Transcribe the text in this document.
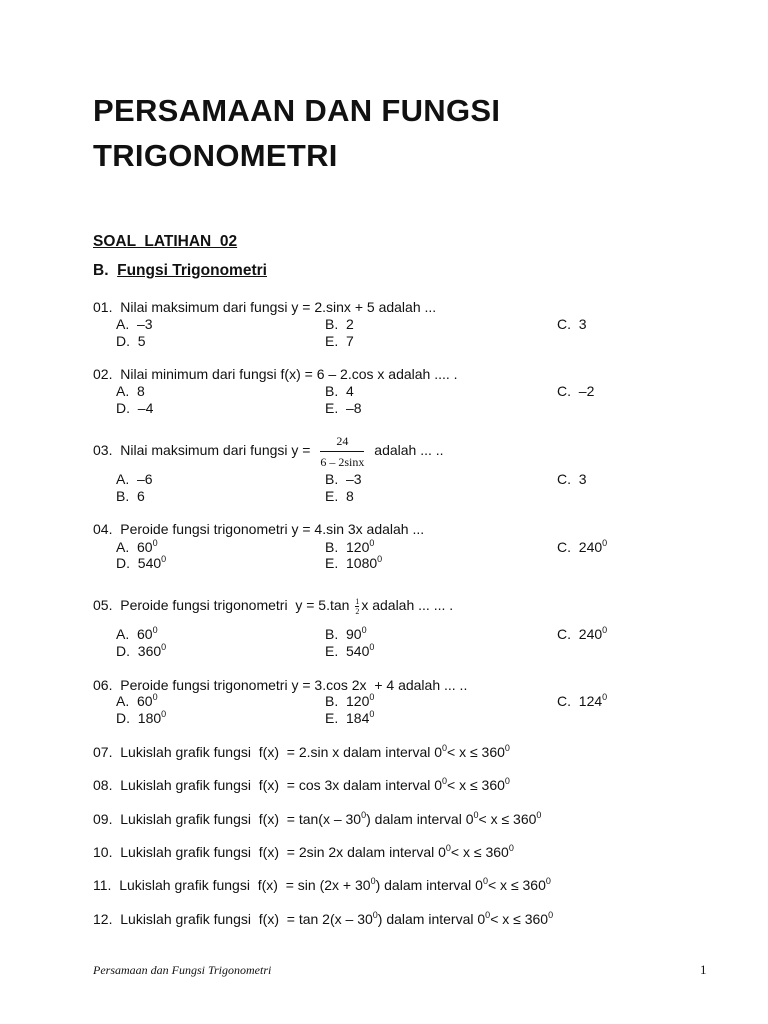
PERSAMAAN DAN FUNGSI
TRIGONOMETRI
SOAL  LATIHAN  02
B. Fungsi Trigonometri
01. Nilai maksimum dari fungsi y = 2.sinx + 5 adalah ...
A. –3	B. 2	C. 3
D. 5	E. 7
02. Nilai minimum dari fungsi f(x) = 6 – 2.cos x adalah .... .
A. 8	B. 4	C. –2
D. –4	E. –8
03. Nilai maksimum dari fungsi $y = \frac{24}{6 - 2\sin x}$ adalah ... ..
A. –6	B. –3	C. 3
B. 6	E. 8
04. Peroide fungsi trigonometri y = 4.sin 3x adalah ...
A. $60^0$	B. $120^0$	C. $240^0$
D. $540^0$	E. 1080$^0$
05. Peroide fungsi trigonometri  $y = 5.\tan \frac{1}{2}$ x adalah ... ... .
A. $60^0$	B. $90^0$	C. $240^0$
D. $360^0$	E. $540^0$
06. Peroide fungsi trigonometri y = 3.cos 2x  + 4 adalah ... ..
A. $60^0$	B. $120^0$	C. $124^0$
D. $180^0$	E. $184^0$
07. Lukislah grafik fungsi  f(x)  = 2.sin x dalam interval $0^0< x \le 360^0$
08. Lukislah grafik fungsi  f(x)  = cos 3x dalam interval $0^0< x \le 360^0$
09. Lukislah grafik fungsi  $f(x) = \tan(x - 30^0)$ dalam interval $0^0< x \le 360^0$
10. Lukislah grafik fungsi  f(x)  = 2sin 2x dalam interval $0^0< x \le 360^0$
11. Lukislah grafik fungsi  $f(x) = \sin (2x + 30^0)$ dalam interval $0^0< x \le 360^0$
12. Lukislah grafik fungsi  $f(x) = \tan 2(x - 30^0)$ dalam interval $0^0< x \le 360^0$
Persamaan dan Fungsi Trigonometri	1
